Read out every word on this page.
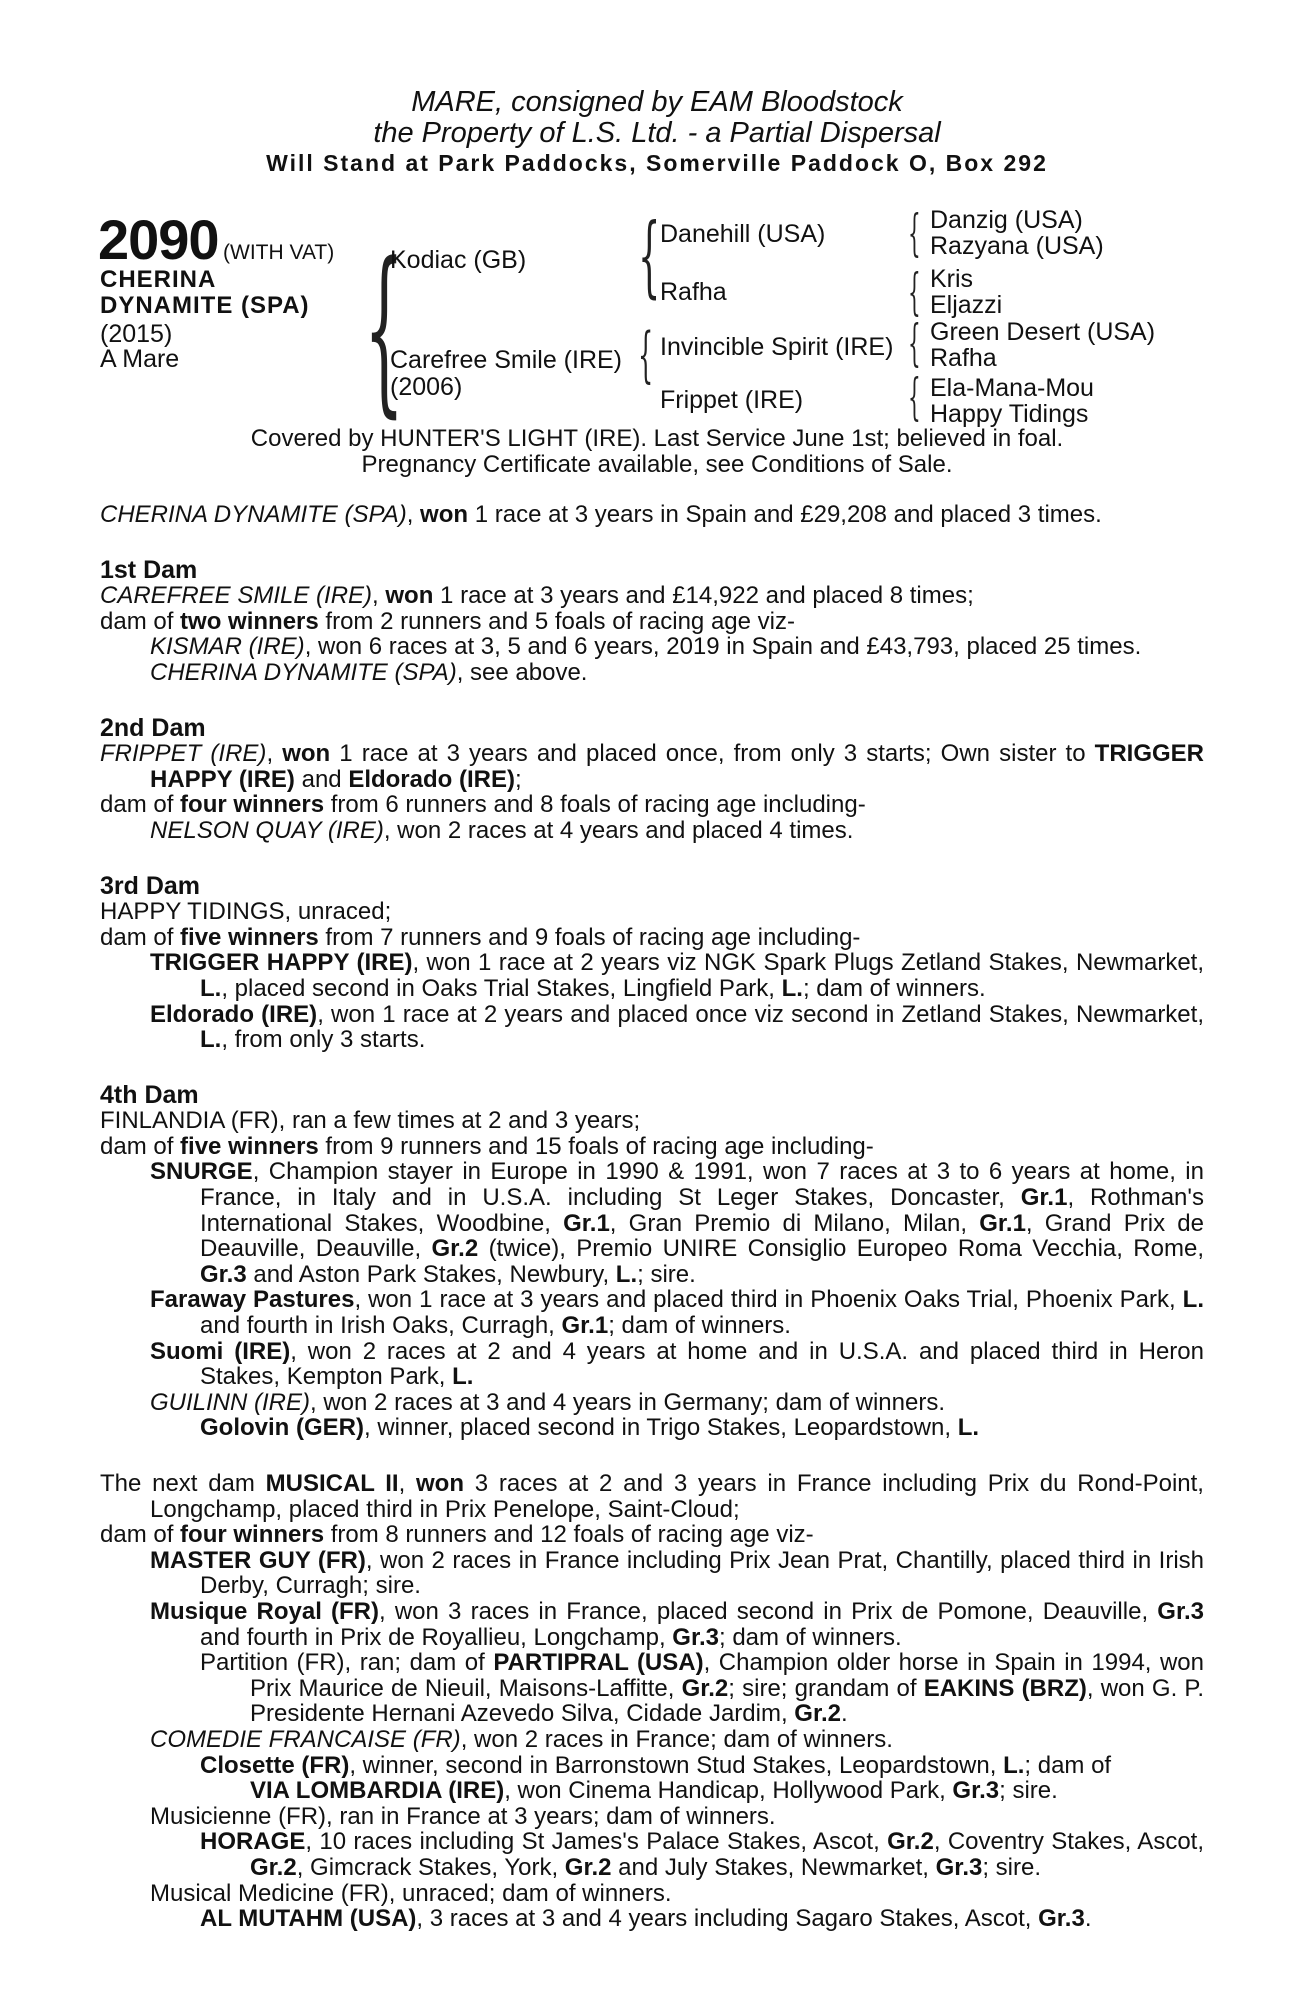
MARE, consigned by EAM Bloodstock
the Property of L.S. Ltd. - a Partial Dispersal
Will Stand at Park Paddocks, Somerville Paddock O, Box 292
2090 (WITH VAT)
CHERINA
DYNAMITE (SPA)
(2015)
A Mare {	{
{
{
{
{
{
Kodiac (GB)
Carefree Smile (IRE)
(2006)
Danehill (USA)
Rafha
Invincible Spirit (IRE)
Frippet (IRE)
Danzig (USA)
Razyana (USA)
Kris
Eljazzi
Green Desert (USA)
Rafha
Ela-Mana-Mou
Happy Tidings
Covered by HUNTER'S LIGHT (IRE). Last Service June 1st; believed in foal.
Pregnancy Certificate available, see Conditions of Sale.

CHERINA DYNAMITE (SPA), won 1 race at 3 years in Spain and £29,208 and placed 3 times.

1st Dam

CAREFREE SMILE (IRE), won 1 race at 3 years and £14,922 and placed 8 times;

dam of two winners from 2 runners and 5 foals of racing age viz-

KISMAR (IRE), won 6 races at 3, 5 and 6 years, 2019 in Spain and £43,793, placed 25 times.

CHERINA DYNAMITE (SPA), see above.

2nd Dam

FRIPPET (IRE), won 1 race at 3 years and placed once, from only 3 starts; Own sister to TRIGGER HAPPY (IRE) and Eldorado (IRE);

dam of four winners from 6 runners and 8 foals of racing age including-

NELSON QUAY (IRE), won 2 races at 4 years and placed 4 times.

3rd Dam

HAPPY TIDINGS, unraced;

dam of five winners from 7 runners and 9 foals of racing age including-

TRIGGER HAPPY (IRE), won 1 race at 2 years viz NGK Spark Plugs Zetland Stakes, Newmarket, L., placed second in Oaks Trial Stakes, Lingfield Park, L.; dam of winners.

Eldorado (IRE), won 1 race at 2 years and placed once viz second in Zetland Stakes, Newmarket, L., from only 3 starts.

4th Dam

FINLANDIA (FR), ran a few times at 2 and 3 years;

dam of five winners from 9 runners and 15 foals of racing age including-

SNURGE, Champion stayer in Europe in 1990 & 1991, won 7 races at 3 to 6 years at home, in France, in Italy and in U.S.A. including St Leger Stakes, Doncaster, Gr.1, Rothman's International Stakes, Woodbine, Gr.1, Gran Premio di Milano, Milan, Gr.1, Grand Prix de Deauville, Deauville, Gr.2 (twice), Premio UNIRE Consiglio Europeo Roma Vecchia, Rome, Gr.3 and Aston Park Stakes, Newbury, L.; sire.

Faraway Pastures, won 1 race at 3 years and placed third in Phoenix Oaks Trial, Phoenix Park, L. and fourth in Irish Oaks, Curragh, Gr.1; dam of winners.

Suomi (IRE), won 2 races at 2 and 4 years at home and in U.S.A. and placed third in Heron Stakes, Kempton Park, L.

GUILINN (IRE), won 2 races at 3 and 4 years in Germany; dam of winners.

Golovin (GER), winner, placed second in Trigo Stakes, Leopardstown, L.

The next dam MUSICAL II, won 3 races at 2 and 3 years in France including Prix du Rond-Point, Longchamp, placed third in Prix Penelope, Saint-Cloud;

dam of four winners from 8 runners and 12 foals of racing age viz-

MASTER GUY (FR), won 2 races in France including Prix Jean Prat, Chantilly, placed third in Irish Derby, Curragh; sire.

Musique Royal (FR), won 3 races in France, placed second in Prix de Pomone, Deauville, Gr.3 and fourth in Prix de Royallieu, Longchamp, Gr.3; dam of winners.

Partition (FR), ran; dam of PARTIPRAL (USA), Champion older horse in Spain in 1994, won Prix Maurice de Nieuil, Maisons-Laffitte, Gr.2; sire; grandam of EAKINS (BRZ), won G. P. Presidente Hernani Azevedo Silva, Cidade Jardim, Gr.2.

COMEDIE FRANCAISE (FR), won 2 races in France; dam of winners.

Closette (FR), winner, second in Barronstown Stud Stakes, Leopardstown, L.; dam of

VIA LOMBARDIA (IRE), won Cinema Handicap, Hollywood Park, Gr.3; sire.

Musicienne (FR), ran in France at 3 years; dam of winners.

HORAGE, 10 races including St James's Palace Stakes, Ascot, Gr.2, Coventry Stakes, Ascot, Gr.2, Gimcrack Stakes, York, Gr.2 and July Stakes, Newmarket, Gr.3; sire.

Musical Medicine (FR), unraced; dam of winners.

AL MUTAHM (USA), 3 races at 3 and 4 years including Sagaro Stakes, Ascot, Gr.3.
